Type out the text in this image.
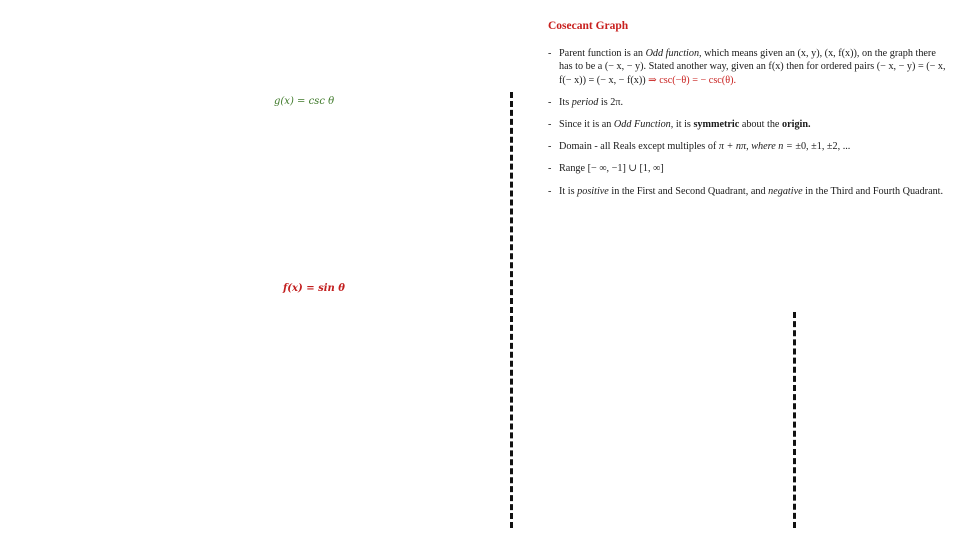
g(x) = csc θ
f(x) = sin θ
Cosecant Graph
- Parent function is an Odd function, which means given an (x, y), (x, f(x)), on the graph there has to be a (− x, − y). Stated another way, given an f(x) then for ordered pairs (− x, − y) = (− x, f(− x)) = (− x, − f(x)) ⇒ csc(−θ) = − csc(θ).
- Its period is 2π.
- Since it is an Odd Function, it is symmetric about the origin.
- Domain - all Reals except multiples of π + nπ, where n = ±0, ±1, ±2, ...
- Range [− ∞, −1] ∪ [1, ∞]
- It is positive in the First and Second Quadrant, and negative in the Third and Fourth Quadrant.
